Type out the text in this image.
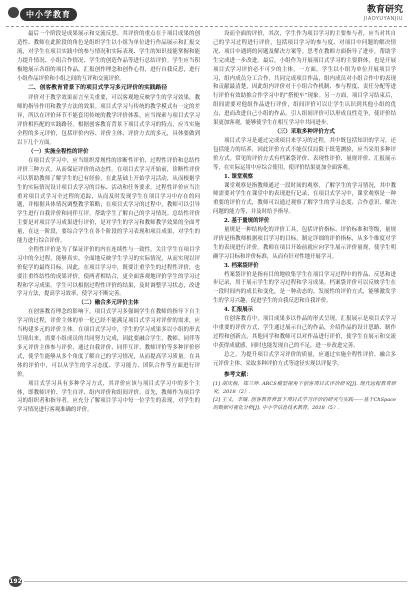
中小学教育	教育研究
JIAOYUYANJIU

最后一个阶段是成果展示和交流反思。其评价的重点在于项目成果的创造性、教师在此阶段的角色是组织学生以小组为单位进行作品展示和汇报交流，对学生在项目实践中的参与情况和实际表现、学生的知识技能掌握和能力提升情况、小组合作情况、学生的创造作品等进行总结评价。学生应当积极地展示各组的项目作品，汇报创作理念和创作心得，进行自我反思，进行小组作品评价和小组之间的互评和交流评价。

二、创客教育背景下的项目式学习多元评价的实践路径

评价对于教学效果而言至关重要，可以客观地反映学生的学习效果，教师的指导作用和教学方法的效果。项目式学习与传统的教学模式有一定的差异，所以在评价环节不能套用传统的教学评价体系，应当探索与项目式学习评价相匹配的实践路径。根据创客教育背景下项目式学习的特点，应当实施全程的多元评价，包括评价内容、评价主体、评价方式的多元，具体要做到以下几个方面。

（一）实施全程性的评价

在项目式学习中，应当组织常规性的诊断性评价、过程性评价和总结性评价三种方式，从而保证评价的动态性。在项目式学习开始前，诊断性评价可以帮助教师了解学生的已有经验，在此基础上开始学习活动，从而根据学生的实际情况设计项目式学习的目标、活动和任务要求。过程性评价应当注重对项目式学习全过程的追踪，从而及时发现学生在项目学习中存在的问题，并根据具体情况调整教学策略；在项目式学习的过程中，教师可以引导学生进行自我评价和同伴互评，帮助学生了解自己的学习情况。总结性评价主要是对项目学习成果进行评价，是对学生的学习和教师教学效果的全面考量，在这一阶段，要综合学生在各个阶段的学习表现和项目成果，对学生的能力进行综合评价。

全程性评价是为了保证评价的内在连续性与一致性，关注学生在项目学习中的全过程，能够真实、全面地反映学生学习的实际情况，从而实现以评价促学的最终目标。因此，在项目学习中，既要注重学生的过程性评价，也要注重终结性的成果评价，使两者相结合，更全面客观地评价学生的学习过程和学习成果。学生可以根据过程性评价的结果，及时调整学习状态，改进学习方法，提高学习效率，使学习不断完善。

（二）融合多元评价主体

在创客教育理念的影响下，项目式学习多强调学生在教师的指导下自主学习的过程，评价主体的单一化已经不能满足项目式学习对评价的需求，应当构建多元的评价主体。在项目式学习中，学生的学习成果多以小组的形式呈现出来，需要小组成员的共同努力完成，因此要融合学生、教师、同伴等多元评价主体参与评价，通过自我评价、同伴互评、教师评价等多种评价形式，使学生能够从多个角度了解自己的学习情况，从而提高学习质量。在具体的评价中，可以从学生的学习态度、学习能力、团队合作等方面进行评价。

项目式学习具有多种学习方式，其评价应该与项目式学习中的多个主体，即教师评价、学生自评、组内评价和组间评价。首先，教师作为项目学习的组织者和指导者，应充分了解项目学习中每一位学生的表现，对学生的学习情况进行客观准确的评价。

设而全面的评价，其次，学生作为项目学习的主要参与者，应当对其自己的学习过程进行评价，包括项目学习的参与度、对项目中问题的解决情况、项目中遇到的问题及解决方案等。思考在教师方面指导了进步，帮助学生完成进一步改进。最后，小组作为开展项目式学习的主要群体，也是开展项目式学习评价必不可少的主体，一方面，学生以小组为单位开展项目学习，组内成员分工合作，共同完成项目作品，组内成员对小组合作中的表现和贡献最清楚，因此组内评价对于小组合作机制、参与程度、责任分配等进行评价有效助推合作学习中的“搭便车”现象。另一方面，项目学习结束后，组间需要对他组作品进行评价，组间评价可以让学生认识到其他小组的优点，进而改进自己小组的作品，引人组间评价可以形成良性竞争，使评价结果更加客观，能够使学生在相互学习中共同进步。

（三）采取多种评价方式

项目式学习是通过完成项目来学习的过程，其中既包括知识的学习，还包括能力的培养，因此评价方式不能仅仅局限于纸笔测验，应当采用多种评价方式。常见的评价方式有档案袋评价、表现性评价、量规评价、汇报展示等，在实际运用中应综合使用，使评价结果更加全面客观。

1. 课堂观察

课堂观察是指教师通过一段时间的观察，了解学生的学习情况，其中教师需要对学生在课堂中的表现进行记录，在项目式学习中，课堂观察是一种重要的评价方式，教师可以通过观察了解学生的学习态度、合作意识、解决问题的能力等，并及时给予指导。

2. 基于量规的评价

量规是一种结构化的评价工具，包括评价指标、评价标准和等级，量规评价是指教师根据项目学习的目标，制定详细的评价指标，从多个维度对学生的表现进行评价。教师在项目开始前就应向学生展示评价量规，使学生明确学习目标和评价标准，从而有针对性地开展学习。

3. 档案袋评价

档案袋评价是指有目的地收集学生在项目学习过程中的作品、反思和进步记录，用于展示学生的学习过程和学习成果。档案袋评价可以反映学生在一段时间内的成长和变化，是一种动态的、发展性的评价方式，能够激发学生的学习兴趣，促进学生的自我反思和自我评价。

4. 汇报展示

在创客教育中，项目成果多以作品的形式呈现，汇报展示是项目式学习中重要的评价方式，学生通过展示自己的作品，介绍作品的设计思路、制作过程和创新点，其他同学和教师可以对作品进行评价，使学生在展示和交流中获得成就感，同时也能发现自己的不足，进一步改进完善。

总之，为提升项目式学习评价的质量，应通过实施全程性评价、融合多元评价主体、采取多种评价方式等途径实现以评促学。

参考文献：

[1] 胡庆梅，郑兰坤. ARCS模型视角下创客项目式评价研究[J]. 现代远程教育研究，2018（2）.

[2] 王义，李瑞. 创客教育背景下项目式学习评价的研究与实践——基于ChSpace的数据可视化分析[J]. 中小学信息技术教育，2018（5）.

192
